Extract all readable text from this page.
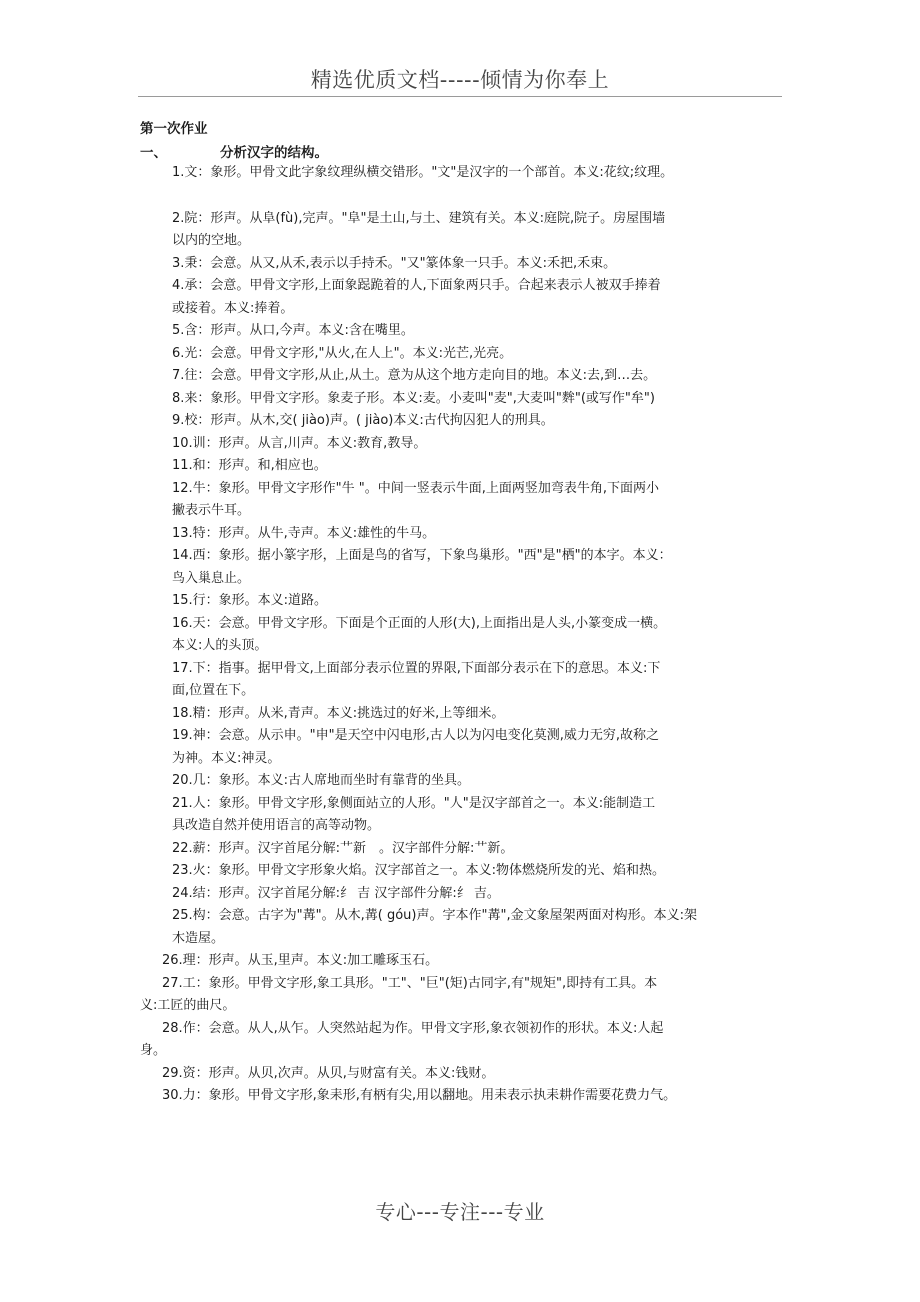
精选优质文档-----倾情为你奉上
第一次作业
一、	分析汉字的结构。
1.文：象形。甲骨文此字象纹理纵横交错形。"文"是汉字的一个部首。本义:花纹;纹理。
2.院：形声。从阜(fù),完声。"阜"是土山,与土、建筑有关。本义:庭院,院子。房屋围墙
以内的空地。
3.秉：会意。从又,从禾,表示以手持禾。"又"篆体象一只手。本义:禾把,禾束。
4.承：会意。甲骨文字形,上面象跽跪着的人,下面象两只手。合起来表示人被双手捧着
或接着。本义:捧着。
5.含：形声。从口,今声。本义:含在嘴里。
6.光：会意。甲骨文字形,"从火,在人上"。本义:光芒,光亮。
7.往：会意。甲骨文字形,从止,从土。意为从这个地方走向目的地。本义:去,到…去。
8.来：象形。甲骨文字形。象麦子形。本义:麦。小麦叫"麦",大麦叫"麰"(或写作"牟")
9.校：形声。从木,交( jiào)声。( jiào)本义:古代拘囚犯人的刑具。
10.训：形声。从言,川声。本义:教育,教导。
11.和：形声。和,相应也。
12.牛：象形。甲骨文字形作"牛 "。中间一竖表示牛面,上面两竖加弯表牛角,下面两小
撇表示牛耳。
13.特：形声。从牛,寺声。本义:雄性的牛马。
14.西：象形。据小篆字形，上面是鸟的省写，下象鸟巢形。"西"是"栖"的本字。本义：
鸟入巢息止。
15.行：象形。本义:道路。
16.天：会意。甲骨文字形。下面是个正面的人形(大),上面指出是人头,小篆变成一横。
本义:人的头顶。
17.下：指事。据甲骨文,上面部分表示位置的界限,下面部分表示在下的意思。本义:下
面,位置在下。
18.精：形声。从米,青声。本义:挑选过的好米,上等细米。
19.神：会意。从示申。"申"是天空中闪电形,古人以为闪电变化莫测,威力无穷,故称之
为神。本义:神灵。
20.几：象形。本义:古人席地而坐时有靠背的坐具。
21.人：象形。甲骨文字形,象侧面站立的人形。"人"是汉字部首之一。本义:能制造工
具改造自然并使用语言的高等动物。
22.薪：形声。汉字首尾分解:艹新　。汉字部件分解:艹新。
23.火：象形。甲骨文字形象火焰。汉字部首之一。本义:物体燃烧所发的光、焰和热。
24.结：形声。汉字首尾分解:纟 吉 汉字部件分解:纟 吉。
25.构：会意。古字为"冓"。从木,冓( góu)声。字本作"冓",金文象屋架两面对构形。本义:架
木造屋。
26.理：形声。从玉,里声。本义:加工雕琢玉石。
27.工：象形。甲骨文字形,象工具形。"工"、"巨"(矩)古同字,有"规矩",即持有工具。本
义:工匠的曲尺。
28.作：会意。从人,从乍。人突然站起为作。甲骨文字形,象衣领初作的形状。本义:人起
身。
29.资：形声。从贝,次声。从贝,与财富有关。本义:钱财。
30.力：象形。甲骨文字形,象耒形,有柄有尖,用以翻地。用耒表示执耒耕作需要花费力气。
专心---专注---专业
